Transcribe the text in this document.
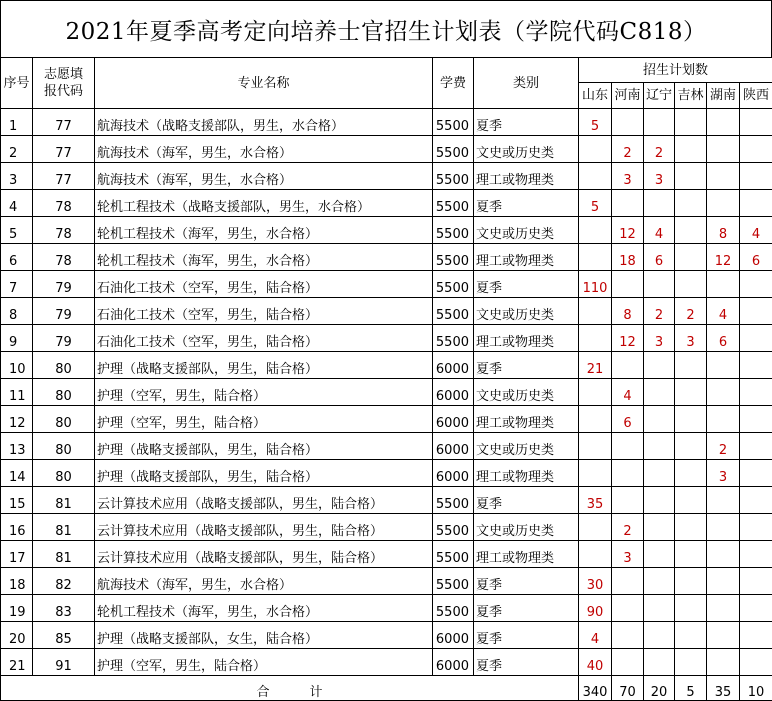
2021年夏季高考定向培养士官招生计划表（学院代码C818）
序号	志愿填
报代码	专业名称	学费	类别	招生计划数					
					山东	河南	辽宁	吉林	湖南	陕西
1	77	航海技术（战略支援部队，男生，水合格）	5500	夏季	5					
2	77	航海技术（海军，男生，水合格）	5500	文史或历史类		2	2			
3	77	航海技术（海军，男生，水合格）	5500	理工或物理类		3	3			
4	78	轮机工程技术（战略支援部队，男生，水合格）	5500	夏季	5					
5	78	轮机工程技术（海军，男生，水合格）	5500	文史或历史类		12	4		8	4
6	78	轮机工程技术（海军，男生，水合格）	5500	理工或物理类		18	6		12	6
7	79	石油化工技术（空军，男生，陆合格）	5500	夏季	110					
8	79	石油化工技术（空军，男生，陆合格）	5500	文史或历史类		8	2	2	4	
9	79	石油化工技术（空军，男生，陆合格）	5500	理工或物理类		12	3	3	6	
10	80	护理（战略支援部队，男生，陆合格）	6000	夏季	21					
11	80	护理（空军，男生，陆合格）	6000	文史或历史类		4				
12	80	护理（空军，男生，陆合格）	6000	理工或物理类		6				
13	80	护理（战略支援部队，男生，陆合格）	6000	文史或历史类					2	
14	80	护理（战略支援部队，男生，陆合格）	6000	理工或物理类					3	
15	81	云计算技术应用（战略支援部队，男生，陆合格）	5500	夏季	35					
16	81	云计算技术应用（战略支援部队，男生，陆合格）	5500	文史或历史类		2				
17	81	云计算技术应用（战略支援部队，男生，陆合格）	5500	理工或物理类		3				
18	82	航海技术（海军，男生，水合格）	5500	夏季	30					
19	83	轮机工程技术（海军，男生，水合格）	5500	夏季	90					
20	85	护理（战略支援部队，女生，陆合格）	6000	夏季	4					
21	91	护理（空军，男生，陆合格）	6000	夏季	40					
合计					340	70	20	5	35	10
